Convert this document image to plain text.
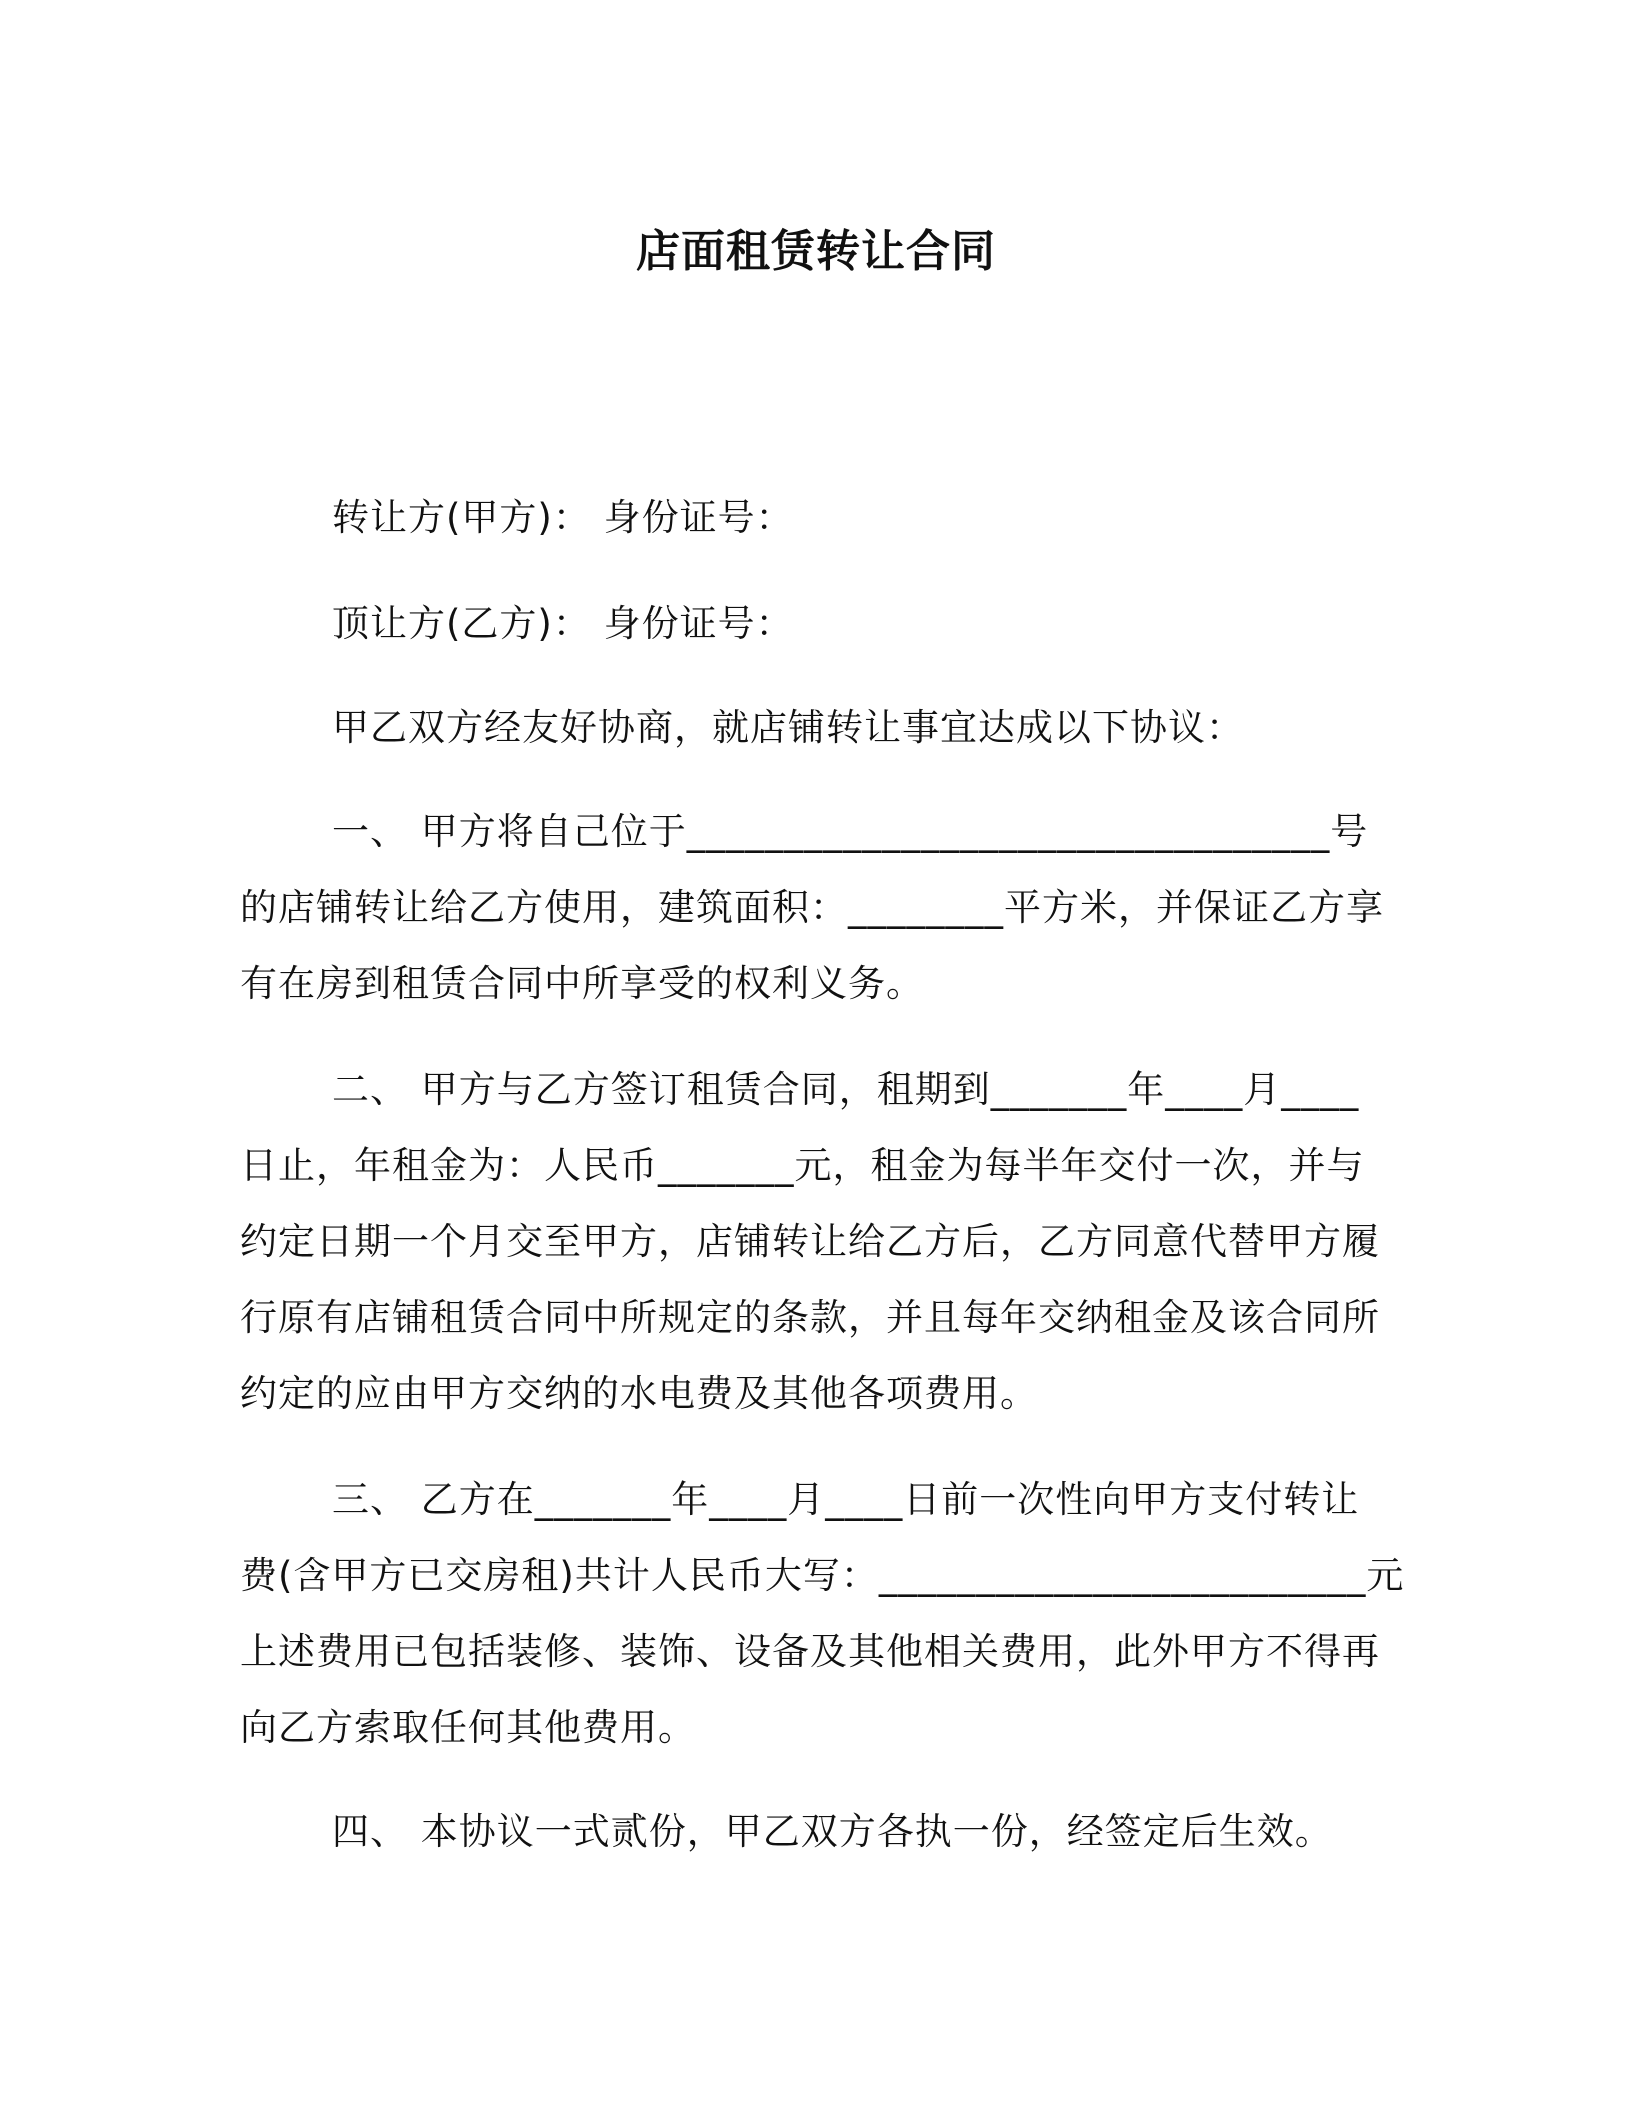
店面租赁转让合同
转让方(甲方)： 身份证号：
顶让方(乙方)： 身份证号：
甲乙双方经友好协商，就店铺转让事宜达成以下协议：
一、 甲方将自己位于_________________________________号
的店铺转让给乙方使用，建筑面积：________平方米，并保证乙方享
有在房到租赁合同中所享受的权利义务。
二、 甲方与乙方签订租赁合同，租期到_______年____月____
日止，年租金为：人民币_______元，租金为每半年交付一次，并与
约定日期一个月交至甲方，店铺转让给乙方后，乙方同意代替甲方履
行原有店铺租赁合同中所规定的条款，并且每年交纳租金及该合同所
约定的应由甲方交纳的水电费及其他各项费用。
三、 乙方在_______年____月____日前一次性向甲方支付转让
费(含甲方已交房租)共计人民币大写：_________________________元
上述费用已包括装修、装饰、设备及其他相关费用，此外甲方不得再
向乙方索取任何其他费用。
四、 本协议一式贰份，甲乙双方各执一份，经签定后生效。
